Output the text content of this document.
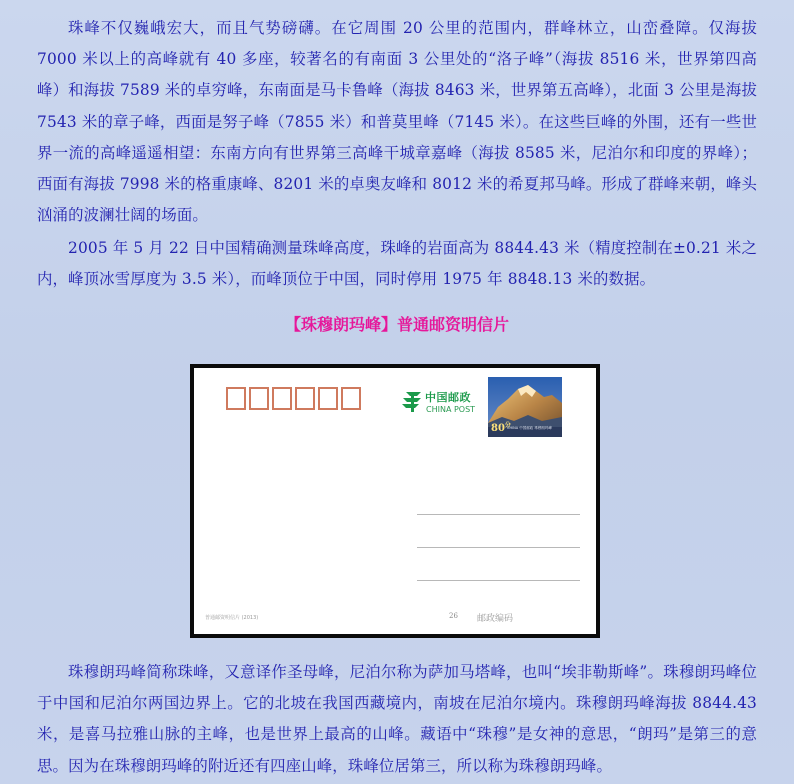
珠峰不仅巍峨宏大，而且气势磅礴。在它周围 20 公里的范围内，群峰林立，山峦叠障。仅海拔 7000 米以上的高峰就有 40 多座，较著名的有南面 3 公里处的“洛子峰”（海拔 8516 米，世界第四高峰）和海拔 7589 米的卓穷峰，东南面是马卡鲁峰（海拔 8463 米，世界第五高峰），北面 3 公里是海拔 7543 米的章子峰，西面是努子峰（7855 米）和普莫里峰（7145 米）。在这些巨峰的外围，还有一些世界一流的高峰遥遥相望：东南方向有世界第三高峰干城章嘉峰（海拔 8585 米，尼泊尔和印度的界峰）；西面有海拔 7998 米的格重康峰、8201 米的卓奥友峰和 8012 米的希夏邦马峰。形成了群峰来朝，峰头汹涌的波澜壮阔的场面。

2005 年 5 月 22 日中国精确测量珠峰高度，珠峰的岩面高为 8844.43 米（精度控制在±0.21 米之内，峰顶冰雪厚度为 3.5 米），而峰顶位于中国，同时停用 1975 年 8848.13 米的数据。

【珠穆朗玛峰】普通邮资明信片
中国邮政
CHINA POST
$80^分$
CHINA 中国邮政 珠穆朗玛峰
普通邮资明信片 (2013)	26 邮政编码

珠穆朗玛峰简称珠峰，又意译作圣母峰，尼泊尔称为萨加马塔峰，也叫“埃非勒斯峰”。珠穆朗玛峰位于中国和尼泊尔两国边界上。它的北坡在我国西藏境内，南坡在尼泊尔境内。珠穆朗玛峰海拔 8844.43 米，是喜马拉雅山脉的主峰，也是世界上最高的山峰。藏语中“珠穆”是女神的意思，“朗玛”是第三的意思。因为在珠穆朗玛峰的附近还有四座山峰，珠峰位居第三，所以称为珠穆朗玛峰。
